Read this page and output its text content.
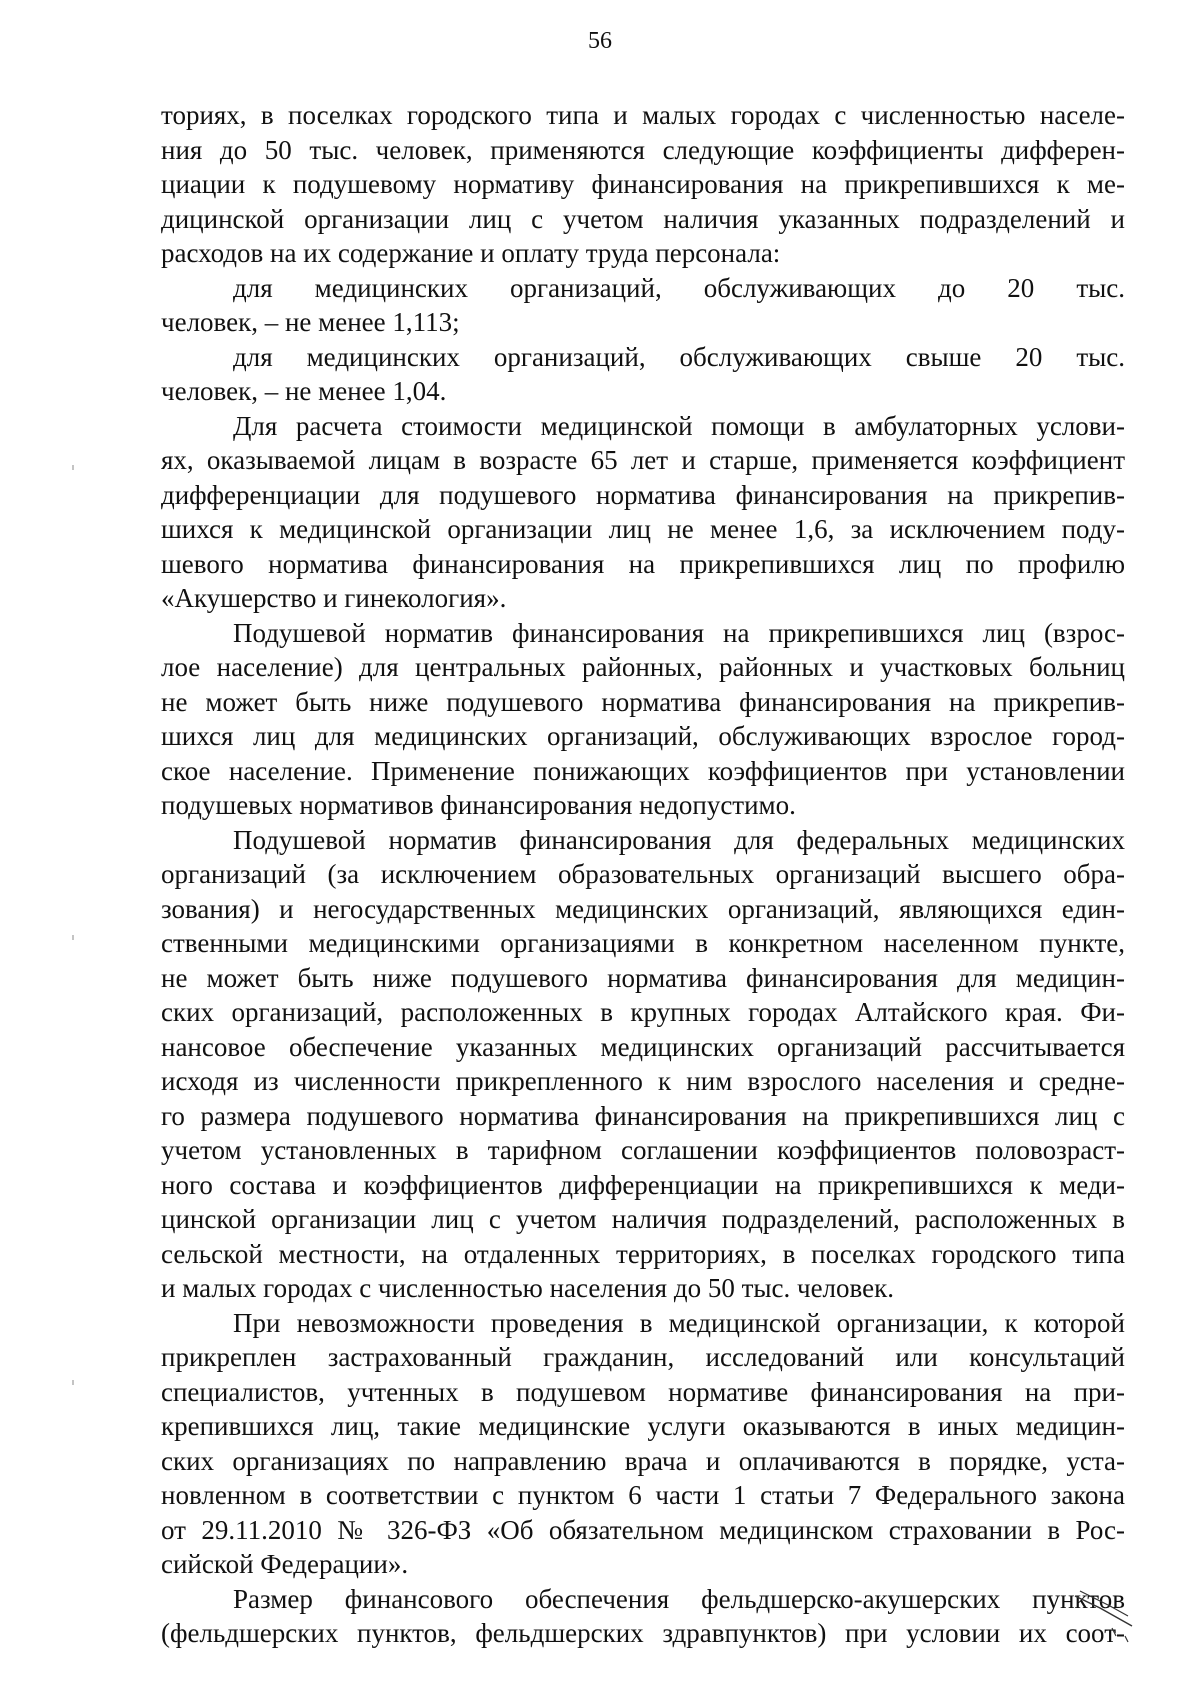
56

ториях, в поселках городского типа и малых городах с численностью населе-
ния до 50 тыс. человек, применяются следующие коэффициенты дифферен-
циации к подушевому нормативу финансирования на прикрепившихся к ме-
дицинской организации лиц с учетом наличия указанных подразделений и
расходов на их содержание и оплату труда персонала:

для медицинских организаций, обслуживающих до 20 тыс.
человек, – не менее 1,113;

для медицинских организаций, обслуживающих свыше 20 тыс.
человек, – не менее 1,04.

Для расчета стоимости медицинской помощи в амбулаторных услови-
ях, оказываемой лицам в возрасте 65 лет и старше, применяется коэффициент
дифференциации для подушевого норматива финансирования на прикрепив-
шихся к медицинской организации лиц не менее 1,6, за исключением поду-
шевого норматива финансирования на прикрепившихся лиц по профилю
«Акушерство и гинекология».

Подушевой норматив финансирования на прикрепившихся лиц (взрос-
лое население) для центральных районных, районных и участковых больниц
не может быть ниже подушевого норматива финансирования на прикрепив-
шихся лиц для медицинских организаций, обслуживающих взрослое город-
ское население. Применение понижающих коэффициентов при установлении
подушевых нормативов финансирования недопустимо.

Подушевой норматив финансирования для федеральных медицинских
организаций (за исключением образовательных организаций высшего обра-
зования) и негосударственных медицинских организаций, являющихся един-
ственными медицинскими организациями в конкретном населенном пункте,
не может быть ниже подушевого норматива финансирования для медицин-
ских организаций, расположенных в крупных городах Алтайского края. Фи-
нансовое обеспечение указанных медицинских организаций рассчитывается
исходя из численности прикрепленного к ним взрослого населения и средне-
го размера подушевого норматива финансирования на прикрепившихся лиц с
учетом установленных в тарифном соглашении коэффициентов половозраст-
ного состава и коэффициентов дифференциации на прикрепившихся к меди-
цинской организации лиц с учетом наличия подразделений, расположенных в
сельской местности, на отдаленных территориях, в поселках городского типа
и малых городах с численностью населения до 50 тыс. человек.

При невозможности проведения в медицинской организации, к которой
прикреплен застрахованный гражданин, исследований или консультаций
специалистов, учтенных в подушевом нормативе финансирования на при-
крепившихся лиц, такие медицинские услуги оказываются в иных медицин-
ских организациях по направлению врача и оплачиваются в порядке, уста-
новленном в соответствии с пунктом 6 части 1 статьи 7 Федерального закона
от 29.11.2010 № 326-ФЗ «Об обязательном медицинском страховании в Рос-
сийской Федерации».

Размер финансового обеспечения фельдшерско-акушерских пунктов
(фельдшерских пунктов, фельдшерских здравпунктов) при условии их соот-
